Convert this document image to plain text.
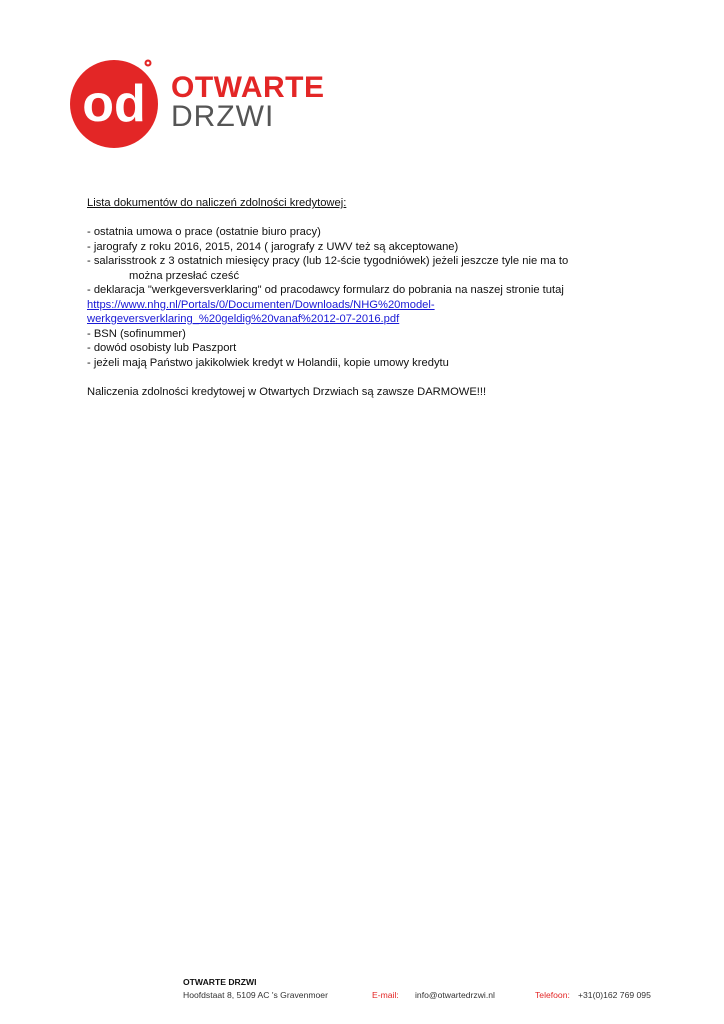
od OTWARTE
DRZWI

Lista dokumentów do naliczeń zdolności kredytowej:

- ostatnia umowa o prace (ostatnie biuro pracy)

- jarografy z roku 2016, 2015, 2014 ( jarografy z UWV też są akceptowane)

- salarisstrook z 3 ostatnich miesięcy pracy (lub 12-ście tygodniówek) jeżeli jeszcze tyle nie ma to

można przesłać cześć

- deklaracja "werkgeversverklaring" od pracodawcy formularz do pobrania na naszej stronie tutaj

https://www.nhg.nl/Portals/0/Documenten/Downloads/NHG%20model-

werkgeversverklaring_%20geldig%20vanaf%2012-07-2016.pdf

- BSN (sofinummer)

- dowód osobisty lub Paszport

- jeżeli mają Państwo jakikolwiek kredyt w Holandii, kopie umowy kredytu

Naliczenia zdolności kredytowej w Otwartych Drzwiach są zawsze DARMOWE!!!

OTWARTE DRZWI
Hoofdstaat 8, 5109 AC 's Gravenmoer	E-mail: info@otwartedrzwi.nl	Telefoon: +31(0)162 769 095
